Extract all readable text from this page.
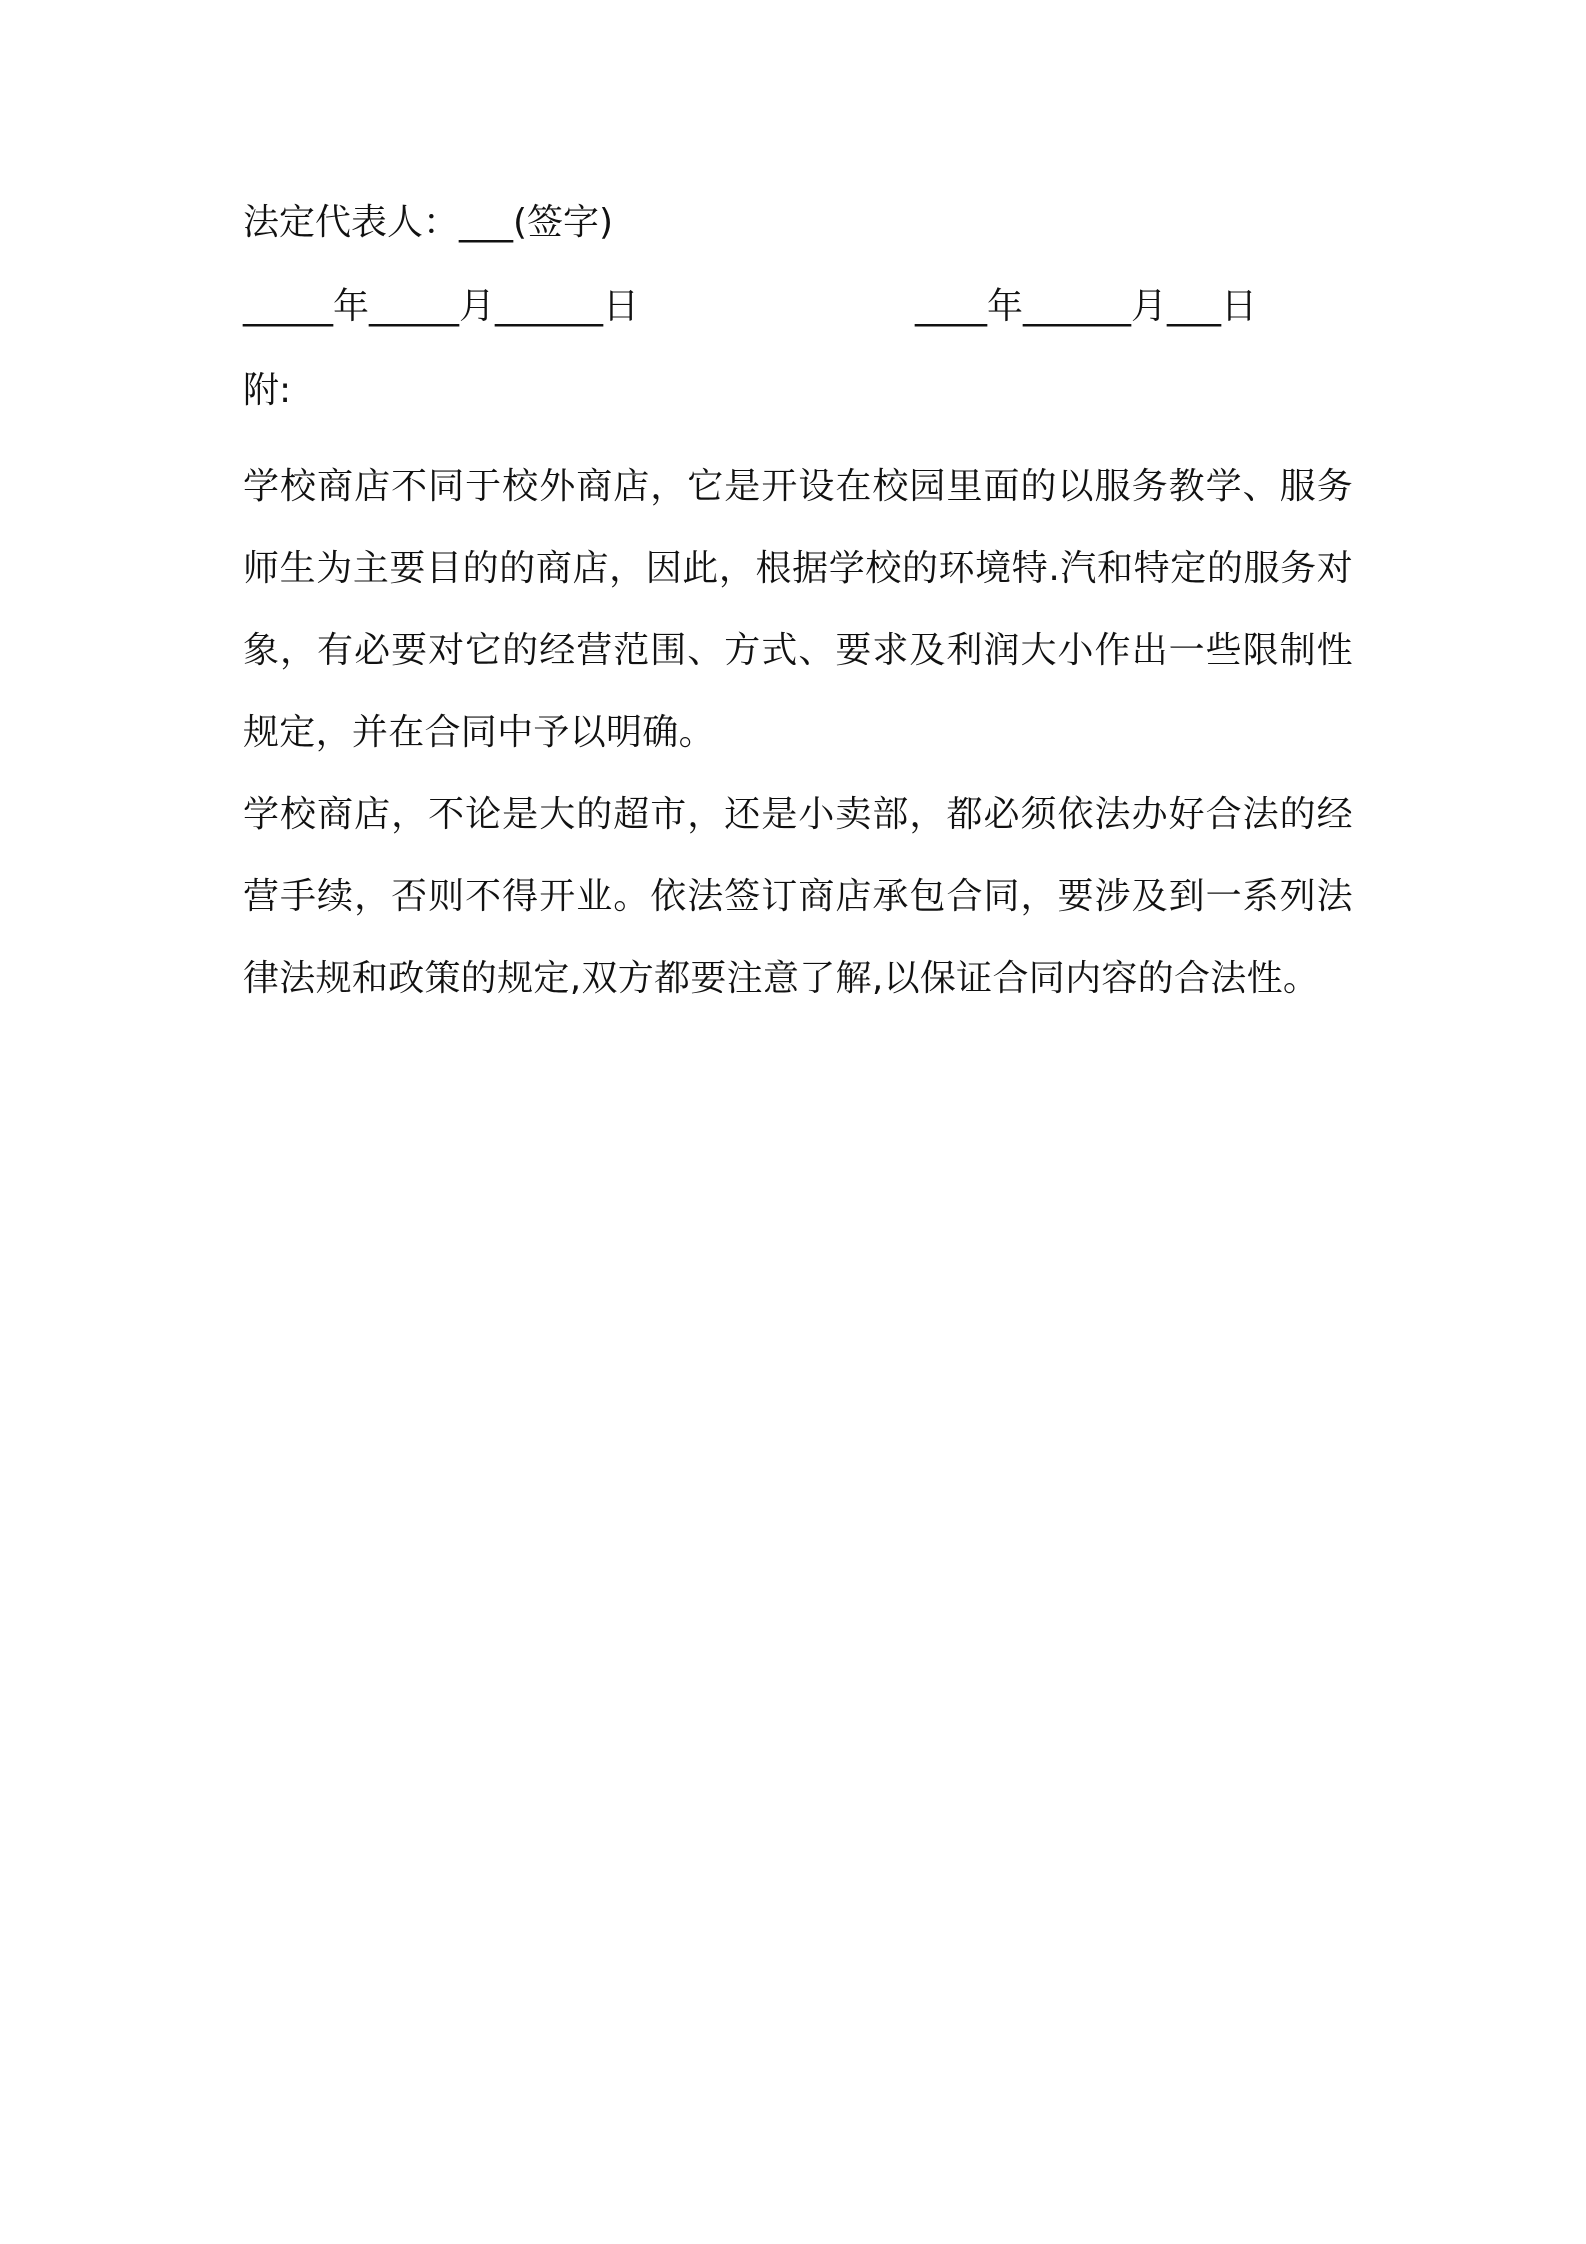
法定代表人：___(签字)

_____年_____月______日	____年______月___日

附:

学校商店不同于校外商店，它是开设在校园里面的以服务教学、服务师生为主要目的的商店，因此，根据学校的环境特.汽和特定的服务对象，有必要对它的经营范围、方式、要求及利润大小作出一些限制性规定，并在合同中予以明确。

学校商店，不论是大的超市，还是小卖部，都必须依法办好合法的经营手续，否则不得开业。依法签订商店承包合同，要涉及到一系列法律法规和政策的规定,双方都要注意了解,以保证合同内容的合法性。
